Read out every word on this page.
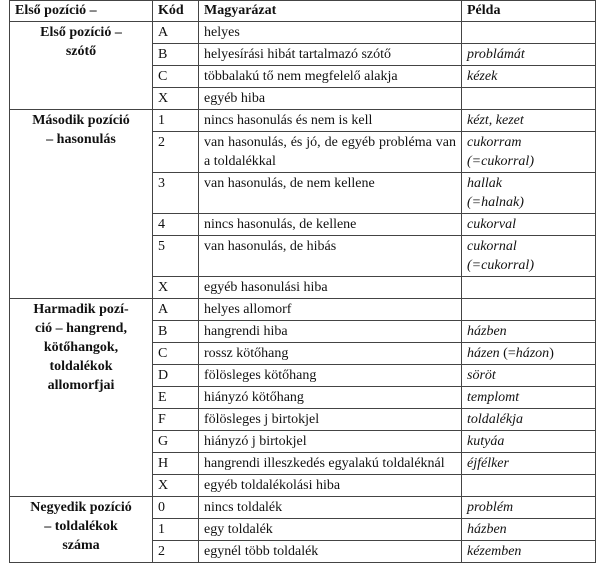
Első pozíció –	Kód	Magyarázat	Példa

Első pozíció –
szótő	A	helyes	
	B	helyesírási hibát tartalmazó szótő	problámát
	C	többalakú tő nem megfelelő alakja	kézek
	X	egyéb hiba	

Második pozíció
– hasonulás	1	nincs hasonulás és nem is kell	kézt, kezet
	2	van hasonulás, és jó, de egyéb probléma van a toldalékkal	cukorram
(=cukorral)

	3	van hasonulás, de nem kellene	hallak
(=halnak)

	4	nincs hasonulás, de kellene	cukorval
	5	van hasonulás, de hibás	cukornal
(=cukorral)

	X	egyéb hasonulási hiba	

Harmadik pozí-
ció – hangrend,
kötőhangok,
toldalékok
allomorfjai	A	helyes allomorf	
	B	hangrendi hiba	házben
	C	rossz kötőhang	házen (=házon)
	D	fölösleges kötőhang	söröt
	E	hiányzó kötőhang	templomt
	F	fölösleges j birtokjel	toldalékja
	G	hiányzó j birtokjel	kutyáa
	H	hangrendi illeszkedés egyalakú toldaléknál	éjfélker
	X	egyéb toldalékolási hiba	

Negyedik pozíció
– toldalékok
száma	0	nincs toldalék	problém
	1	egy toldalék	házben
	2	egynél több toldalék	kézemben
